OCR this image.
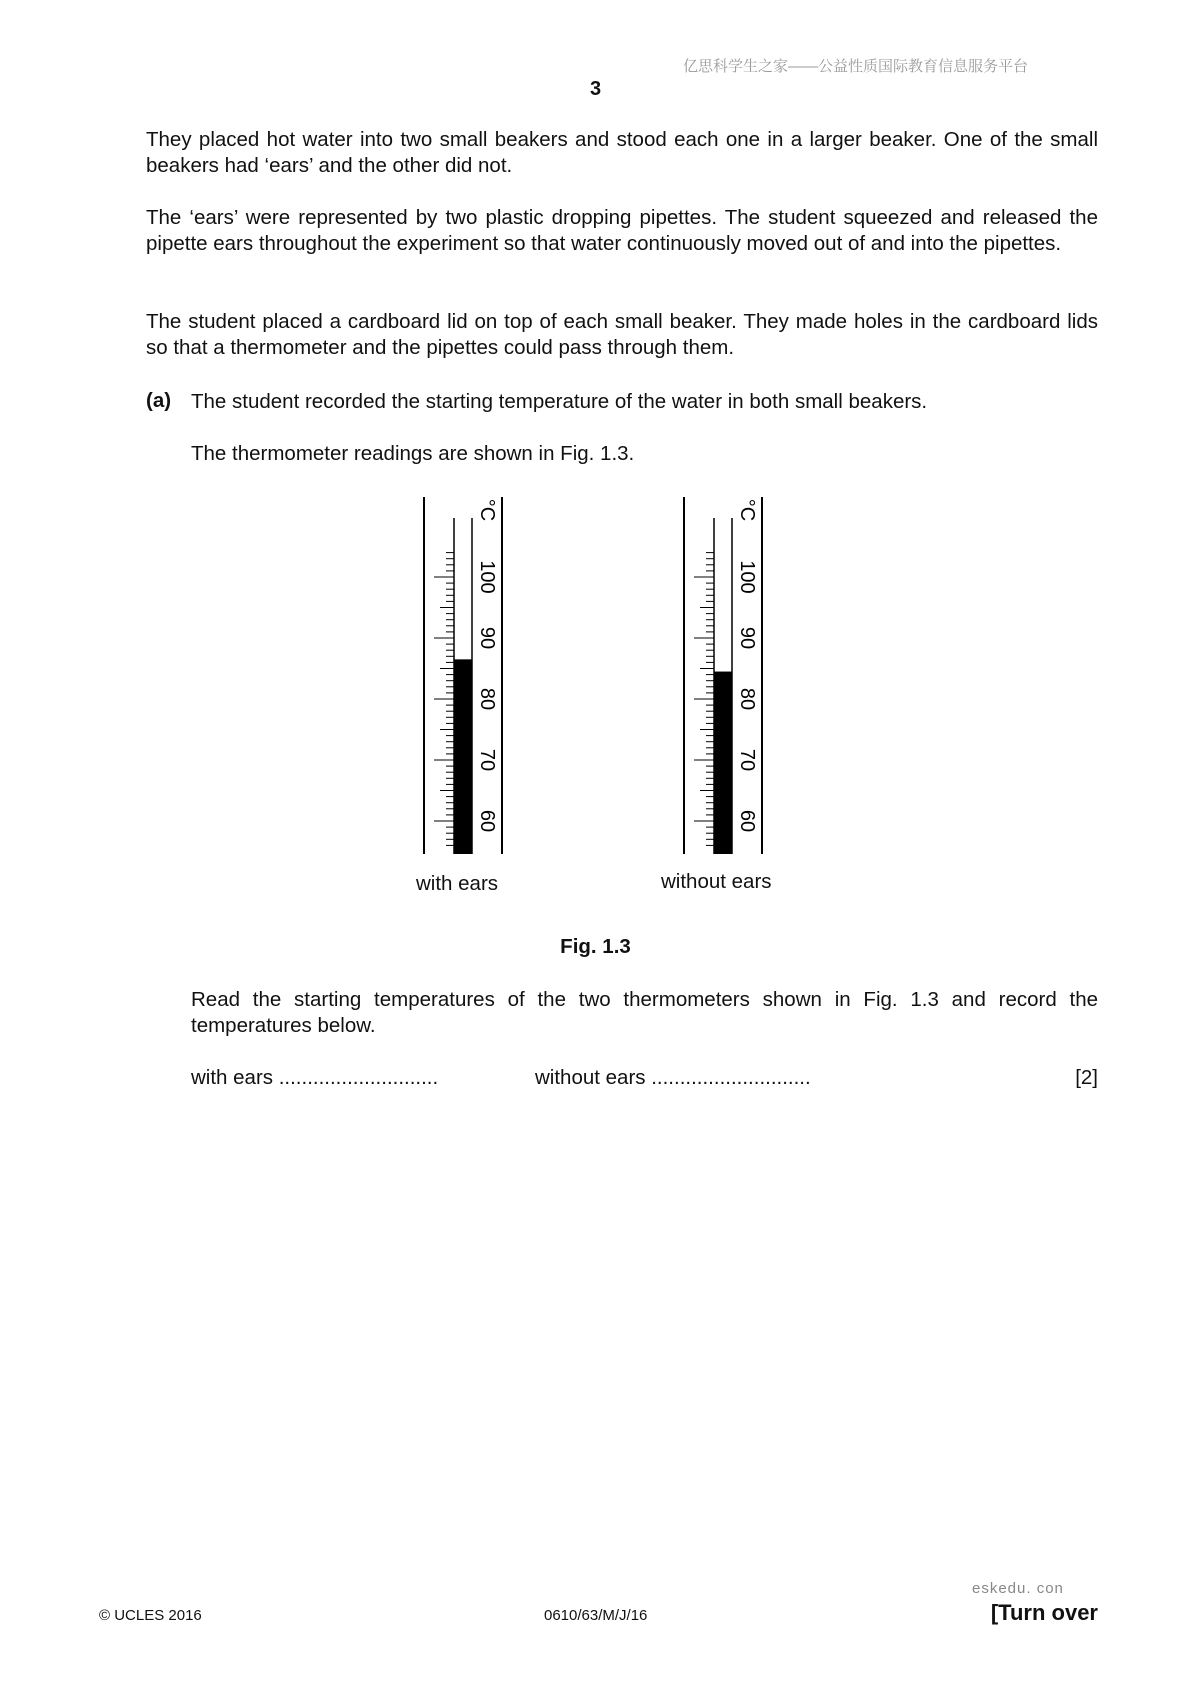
亿思科学生之家——公益性质国际教育信息服务平台
3
They placed hot water into two small beakers and stood each one in a larger beaker. One of the small beakers had ‘ears’ and the other did not.
The ‘ears’ were represented by two plastic dropping pipettes. The student squeezed and released the pipette ears throughout the experiment so that water continuously moved out of and into the pipettes.
The student placed a cardboard lid on top of each small beaker. They made holes in the cardboard lids so that a thermometer and the pipettes could pass through them.
(a) The student recorded the starting temperature of the water in both small beakers.
The thermometer readings are shown in Fig. 1.3.
°C
60
70
80
90
100
°C
60
70
80
90
100
with ears	without ears
Fig. 1.3
Read the starting temperatures of the two thermometers shown in Fig. 1.3 and record the temperatures below.
with ears ............................	without ears ............................	[2]
eskedu. con
© UCLES 2016	0610/63/M/J/16	[Turn over
